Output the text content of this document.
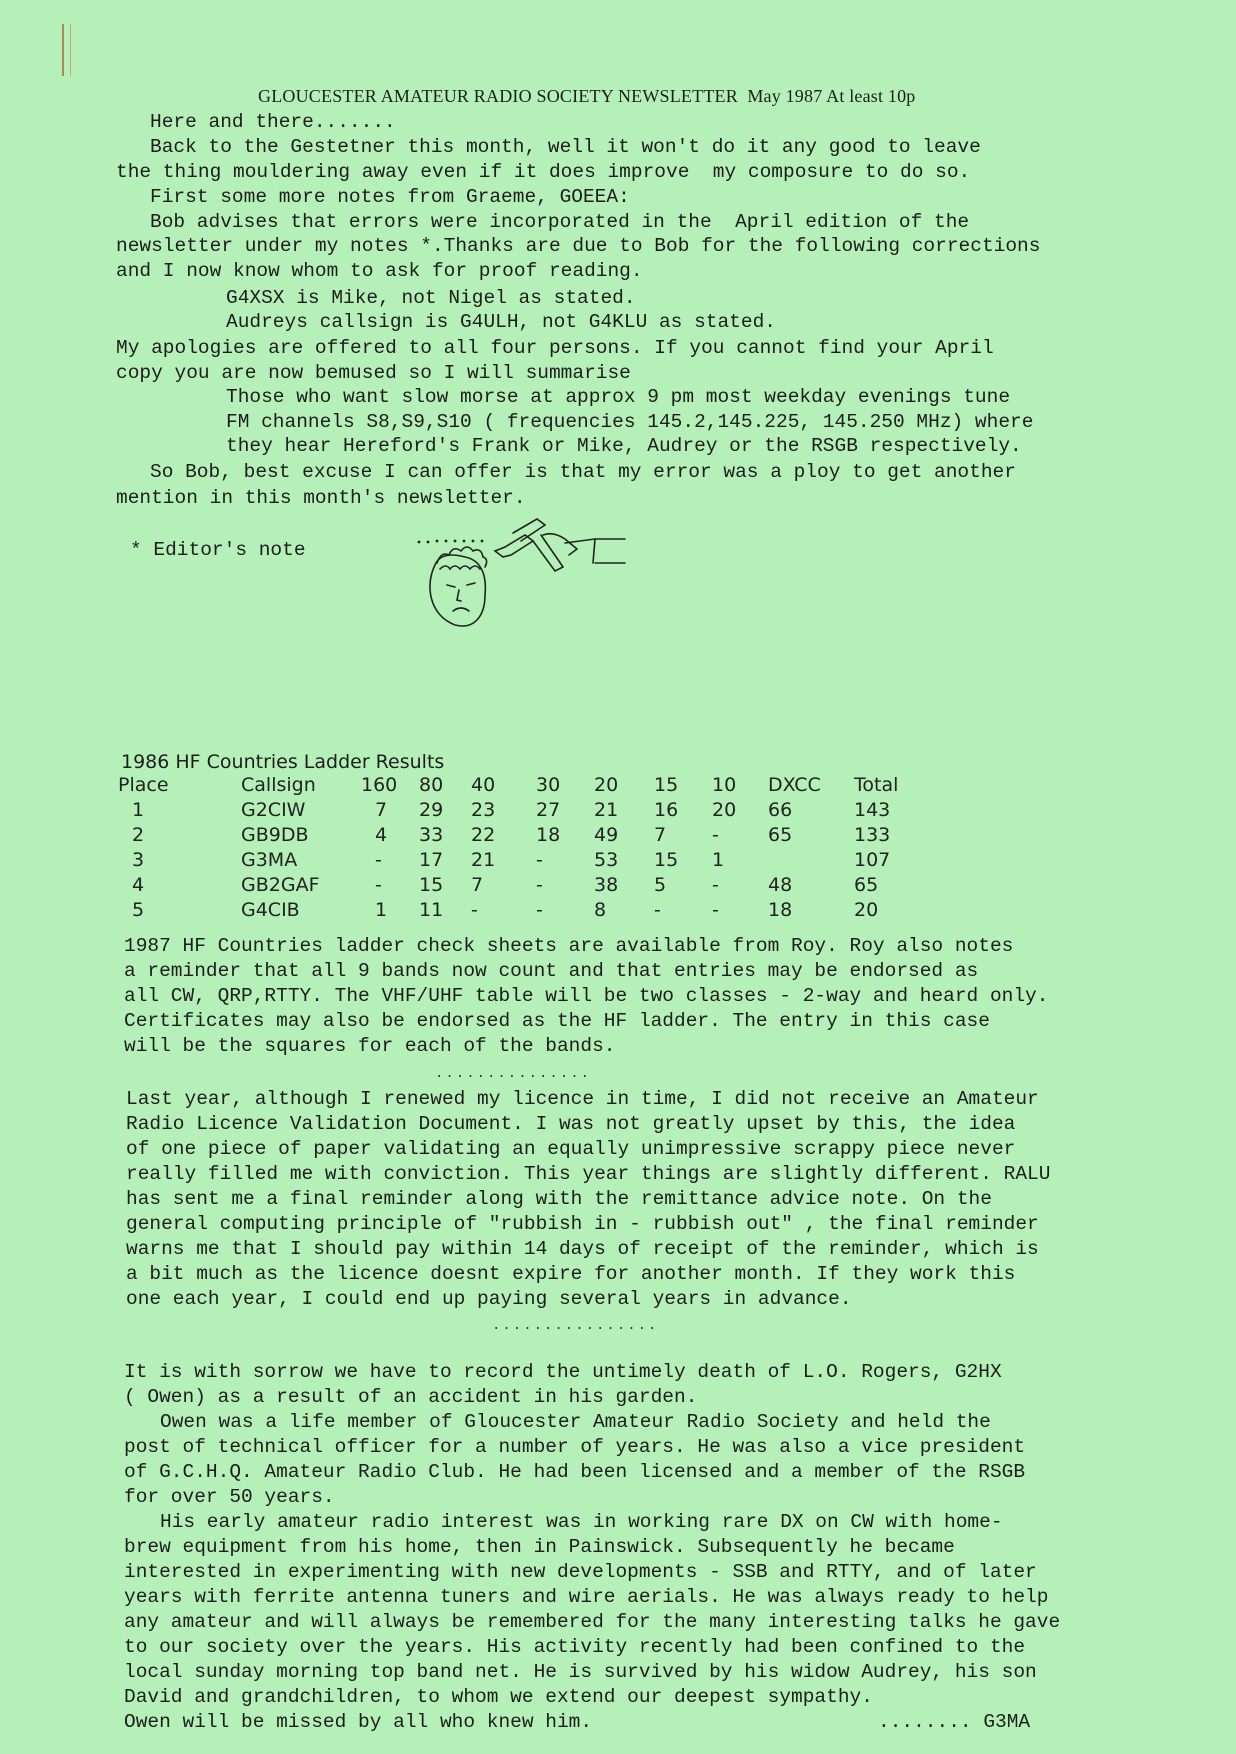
GLOUCESTER AMATEUR RADIO SOCIETY NEWSLETTER  May 1987 At least 10p
Here and there.......
Back to the Gestetner this month, well it won't do it any good to leave
the thing mouldering away even if it does improve  my composure to do so.
First some more notes from Graeme, GOEEA:
Bob advises that errors were incorporated in the  April edition of the
newsletter under my notes *.Thanks are due to Bob for the following corrections
and I now know whom to ask for proof reading.
G4XSX is Mike, not Nigel as stated.
Audreys callsign is G4ULH, not G4KLU as stated.
My apologies are offered to all four persons. If you cannot find your April
copy you are now bemused so I will summarise
Those who want slow morse at approx 9 pm most weekday evenings tune
FM channels S8,S9,S10 ( frequencies 145.2,145.225, 145.250 MHz) where
they hear Hereford's Frank or Mike, Audrey or the RSGB respectively.
So Bob, best excuse I can offer is that my error was a ploy to get another
mention in this month's newsletter.
* Editor's note
1986 HF Countries Ladder Results
Place	Callsign	160	80	40	30	20	15	10	DXCC	Total
1	G2CIW	7	29	23	27	21	16	20	66	143
2	GB9DB	4	33	22	18	49	7	-	65	133
3	G3MA	-	17	21	-	53	15	1		107
4	GB2GAF	-	15	7	-	38	5	-	48	65
5	G4CIB	1	11	-	-	8	-	-	18	20
1987 HF Countries ladder check sheets are available from Roy. Roy also notes
a reminder that all 9 bands now count and that entries may be endorsed as
all CW, QRP,RTTY. The VHF/UHF table will be two classes - 2-way and heard only.
Certificates may also be endorsed as the HF ladder. The entry in this case
will be the squares for each of the bands.
...............
Last year, although I renewed my licence in time, I did not receive an Amateur
Radio Licence Validation Document. I was not greatly upset by this, the idea
of one piece of paper validating an equally unimpressive scrappy piece never
really filled me with conviction. This year things are slightly different. RALU
has sent me a final reminder along with the remittance advice note. On the
general computing principle of "rubbish in - rubbish out" , the final reminder
warns me that I should pay within 14 days of receipt of the reminder, which is
a bit much as the licence doesnt expire for another month. If they work this
one each year, I could end up paying several years in advance.
................
It is with sorrow we have to record the untimely death of L.O. Rogers, G2HX
( Owen) as a result of an accident in his garden.
Owen was a life member of Gloucester Amateur Radio Society and held the
post of technical officer for a number of years. He was also a vice president
of G.C.H.Q. Amateur Radio Club. He had been licensed and a member of the RSGB
for over 50 years.
His early amateur radio interest was in working rare DX on CW with home-
brew equipment from his home, then in Painswick. Subsequently he became
interested in experimenting with new developments - SSB and RTTY, and of later
years with ferrite antenna tuners and wire aerials. He was always ready to help
any amateur and will always be remembered for the many interesting talks he gave
to our society over the years. His activity recently had been confined to the
local sunday morning top band net. He is survived by his widow Audrey, his son
David and grandchildren, to whom we extend our deepest sympathy.
Owen will be missed by all who knew him.	........ G3MA
